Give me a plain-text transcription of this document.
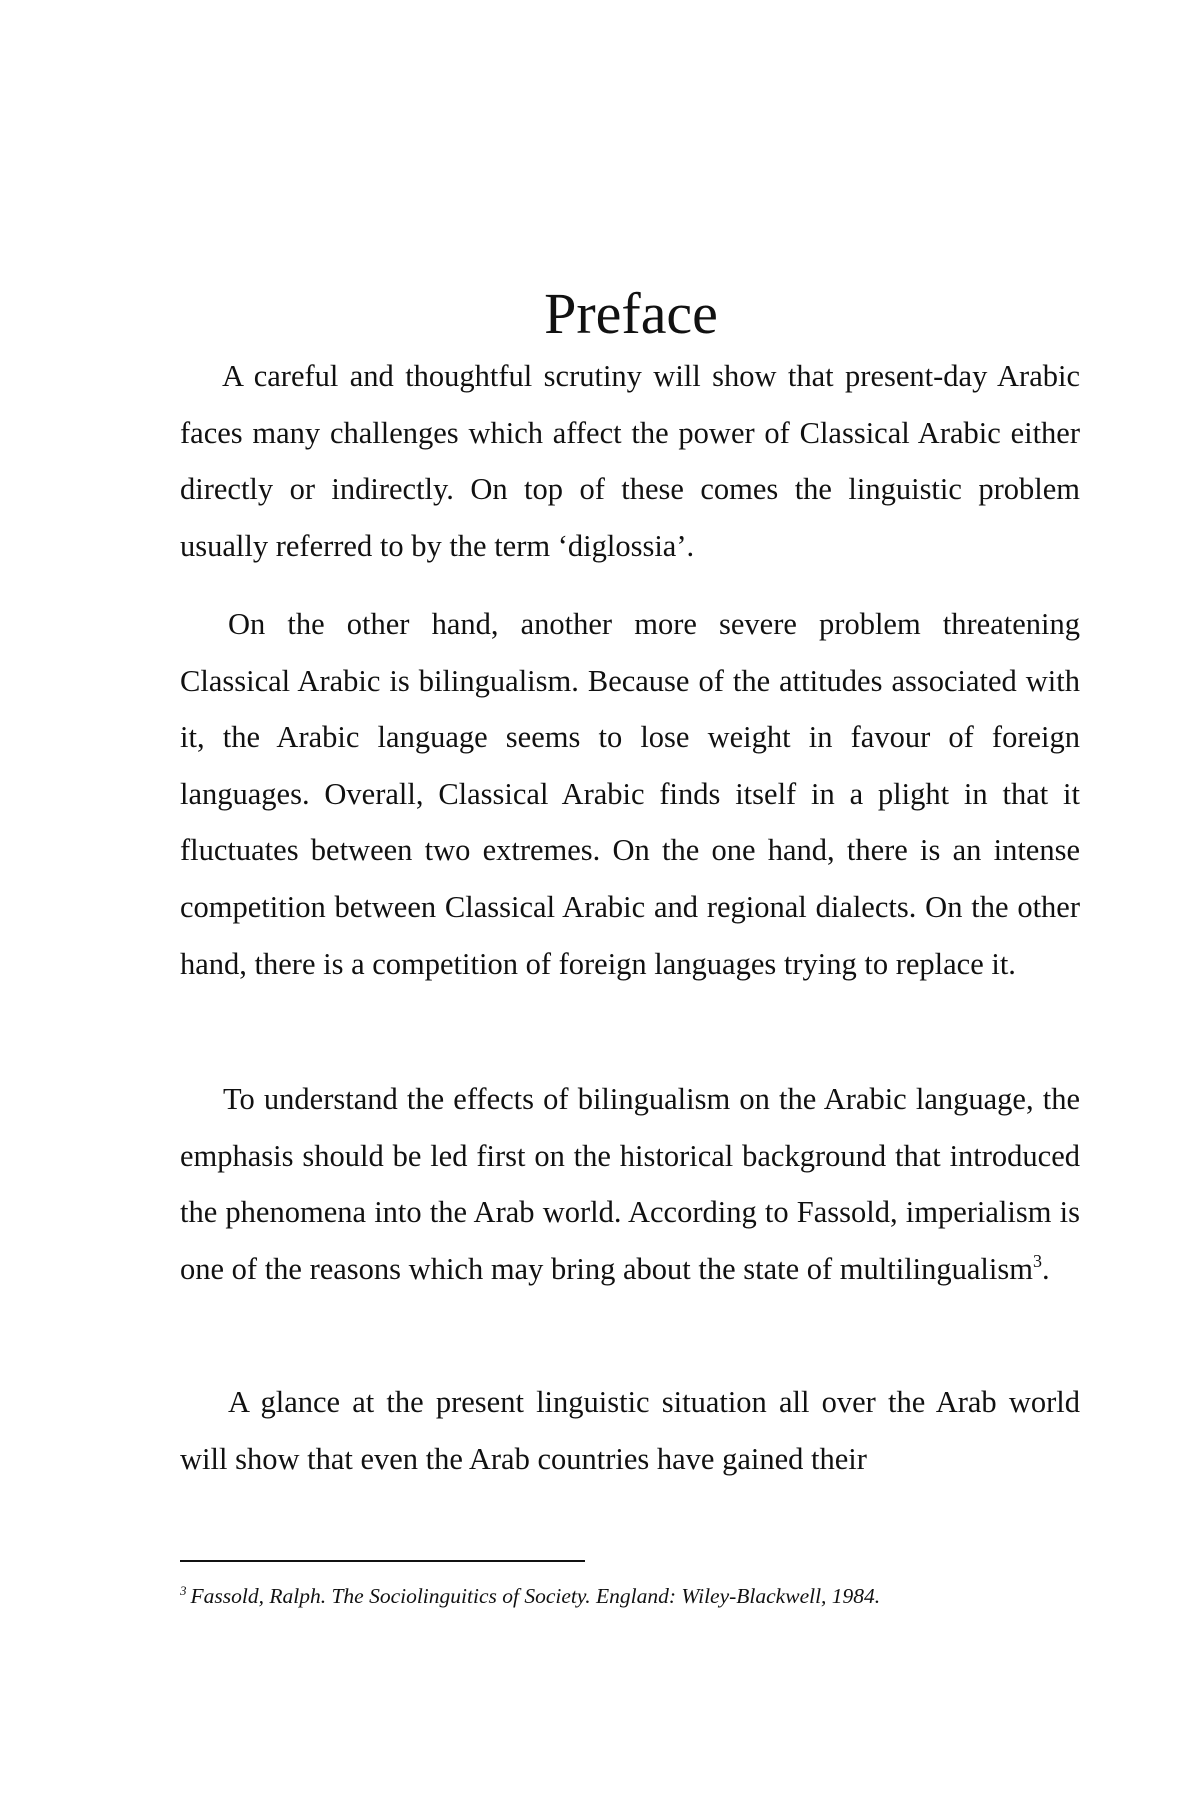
Preface

A careful and thoughtful scrutiny will show that present-day Arabic faces many challenges which affect the power of Classical Arabic either directly or indirectly. On top of these comes the linguistic problem usually referred to by the term ‘diglossia’.

On the other hand, another more severe problem threatening Classical Arabic is bilingualism. Because of the attitudes associated with it, the Arabic language seems to lose weight in favour of foreign languages. Overall, Classical Arabic finds itself in a plight in that it fluctuates between two extremes. On the one hand, there is an intense competition between Classical Arabic and regional dialects. On the other hand, there is a competition of foreign languages trying to replace it.

To understand the effects of bilingualism on the Arabic language, the emphasis should be led first on the historical background that introduced the phenomena into the Arab world. According to Fassold, imperialism is one of the reasons which may bring about the state of multilingualism$^3$.

A glance at the present linguistic situation all over the Arab world will show that even the Arab countries have gained their

$^3$ Fassold, Ralph. The Sociolinguitics of Society. England: Wiley-Blackwell, 1984.
